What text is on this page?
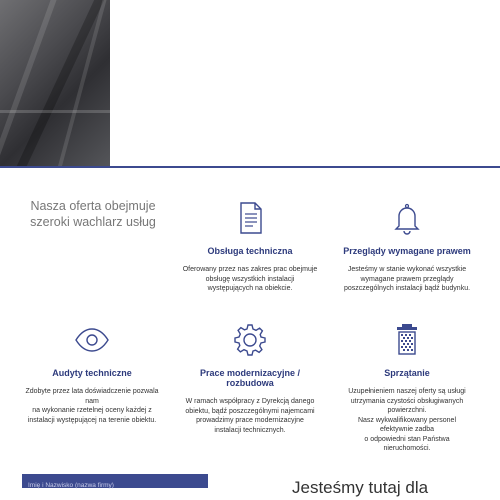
Nasza oferta obejmuje szeroki wachlarz usług
Obsługa techniczna
Oferowany przez nas zakres prac obejmuje
obsługę wszystkich instalacji
występujących na obiekcie.
Przeglądy wymagane prawem
Jesteśmy w stanie wykonać wszystkie
wymagane prawem przeglądy
poszczególnych instalacji bądź budynku.
Audyty techniczne
Zdobyte przez lata doświadczenie pozwala
nam
na wykonanie rzetelnej oceny każdej z
instalacji występującej na terenie obiektu.
Prace modernizacyjne / rozbudowa
W ramach współpracy z Dyrekcją danego
obiektu, bądź poszczególnymi najemcami
prowadzimy prace modernizacyjne
instalacji technicznych.
Sprzątanie
Uzupełnieniem naszej oferty są usługi
utrzymania czystości obsługiwanych
powierzchni.
Nasz wykwalifikowany personel
efektywnie zadba
o odpowiedni stan Państwa
nieruchomości.
Imię i Nazwisko (nazwa firmy)
Jesteśmy tutaj dla
